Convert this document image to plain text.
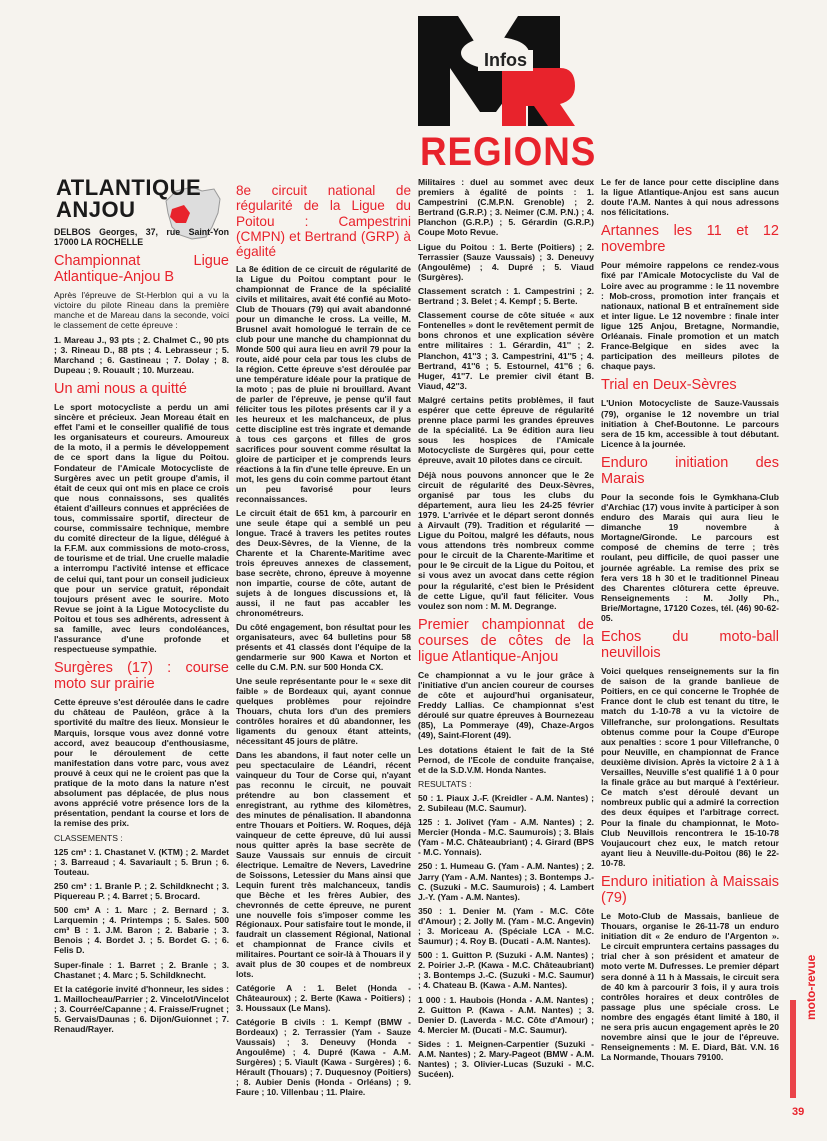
Infos
REGIONS
ATLANTIQUE ANJOU

DELBOS Georges, 37, rue Saint-Yon 17000 LA ROCHELLE

Championnat Ligue Atlantique-Anjou B

Après l'épreuve de St-Herblon qui a vu la victoire du pilote Rineau dans la première manche et de Mareau dans la seconde, voici le classement de cette épreuve :

1. Mareau J., 93 pts ; 2. Chalmet C., 90 pts ; 3. Rineau D., 88 pts ; 4. Lebrasseur ; 5. Marchand ; 6. Gastineau ; 7. Dolay ; 8. Dupeau ; 9. Rouault ; 10. Murzeau.

Un ami nous a quitté

Le sport motocycliste a perdu un ami sincère et précieux. Jean Moreau était en effet l'ami et le conseiller qualifié de tous les organisateurs et coureurs. Amoureux de la moto, il a permis le développement de ce sport dans la ligue du Poitou. Fondateur de l'Amicale Motocycliste de Surgères avec un petit groupe d'amis, il était de ceux qui ont mis en place ce crois que nous connaissons, ses qualités étaient d'ailleurs connues et appréciées de tous, commissaire sportif, directeur de course, commissaire technique, membre du comité directeur de la ligue, délégué à la F.F.M. aux commissions de moto-cross, de tourisme et de trial. Une cruelle maladie a interrompu l'activité intense et efficace de celui qui, tant pour un conseil judicieux que pour un service gratuit, répondait toujours présent avec le sourire. Moto Revue se joint à la Ligue Motocycliste du Poitou et tous ses adhérents, adressent à sa famille, avec leurs condoléances, l'assurance d'une profonde et respectueuse sympathie.

Surgères (17) : course moto sur prairie

Cette épreuve s'est déroulée dans le cadre du château de Pauléon, grâce à la sportivité du maître des lieux. Monsieur le Marquis, lorsque vous avez donné votre accord, avez beaucoup d'enthousiasme, pour le déroulement de cette manifestation dans votre parc, vous avez prouvé à ceux qui ne le croient pas que la pratique de la moto dans la nature n'est absolument pas déplacée, de plus nous avons apprécié votre présence lors de la présentation, pendant la course et lors de la remise des prix.

CLASSEMENTS :

125 cm³ : 1. Chastanet V. (KTM) ; 2. Mardet ; 3. Barreaud ; 4. Savariault ; 5. Brun ; 6. Touteau.

250 cm³ : 1. Branle P. ; 2. Schildknecht ; 3. Piquereau P. ; 4. Barret ; 5. Brocard.

500 cm³ A : 1. Marc ; 2. Bernard ; 3. Larquemin ; 4. Printemps ; 5. Sales. 500 cm³ B : 1. J.M. Baron ; 2. Babarie ; 3. Benois ; 4. Bordet J. ; 5. Bordet G. ; 6. Felis D.

Super-finale : 1. Barret ; 2. Branle ; 3. Chastanet ; 4. Marc ; 5. Schildknecht.

Et la catégorie invité d'honneur, les sides : 1. Maillocheau/Parrier ; 2. Vincelot/Vincelot ; 3. Courrée/Capanne ; 4. Fraisse/Frugnet ; 5. Gervais/Daunas ; 6. Dijon/Guionnet ; 7. Renaud/Rayer.

8e circuit national de régularité de la Ligue du Poitou : Campestrini (CMPN) et Bertrand (GRP) à égalité

La 8e édition de ce circuit de régularité de la Ligue du Poitou comptant pour le championnat de France de la spécialité civils et militaires, avait été confié au Moto-Club de Thouars (79) qui avait abandonné pour un dimanche le cross. La veille, M. Brusnel avait homologué le terrain de ce club pour une manche du championnat du Monde 500 qui aura lieu en avril 79 pour la route, aidé pour cela par tous les clubs de la région. Cette épreuve s'est déroulée par une température idéale pour la pratique de la moto ; pas de pluie ni brouillard. Avant de parler de l'épreuve, je pense qu'il faut féliciter tous les pilotes présents car il y a les heureux et les malchanceux, de plus cette discipline est très ingrate et demande à tous ces garçons et filles de gros sacrifices pour souvent comme résultat la gloire de participer et je comprends leurs réactions à la fin d'une telle épreuve. En un mot, les gens du coin comme partout étant un peu favorisé pour leurs reconnaissances.

Le circuit était de 651 km, à parcourir en une seule étape qui a semblé un peu longue. Tracé à travers les petites routes des Deux-Sèvres, de la Vienne, de la Charente et la Charente-Maritime avec trois épreuves annexes de classement, base secrète, chrono, épreuve à moyenne non impartie, course de côte, autant de sujets à de longues discussions et, là aussi, il ne faut pas accabler les chronométreurs.

Du côté engagement, bon résultat pour les organisateurs, avec 64 bulletins pour 58 présents et 41 classés dont l'équipe de la gendarmerie sur 900 Kawa et Norton et celle du C.M. P.N. sur 500 Honda CX.

Une seule représentante pour le « sexe dit faible » de Bordeaux qui, ayant connue quelques problèmes pour rejoindre Thouars, chuta lors d'un des premiers contrôles horaires et dû abandonner, les ligaments du genoux étant atteints, nécessitant 45 jours de plâtre.

Dans les abandons, il faut noter celle un peu spectaculaire de Léandri, récent vainqueur du Tour de Corse qui, n'ayant pas reconnu le circuit, ne pouvait prétendre au bon classement et enregistrant, au rythme des kilomètres, des minutes de pénalisation. Il abandonna entre Thouars et Poitiers. W. Roques, déjà vainqueur de cette épreuve, dû lui aussi nous quitter après la base secrète de Sauze Vaussais sur ennuis de circuit électrique. Lemaître de Nevers, Lavedrine de Soissons, Letessier du Mans ainsi que Lequin furent très malchanceux, tandis que Bèche et les frères Aubier, des chevronnés de cette épreuve, ne purent une nouvelle fois s'imposer comme les Régionaux. Pour satisfaire tout le monde, il faudrait un classement Régional, National et championnat de France civils et militaires. Pourtant ce soir-là à Thouars il y avait plus de 30 coupes et de nombreux lots.

Catégorie A : 1. Belet (Honda - Châteauroux) ; 2. Berte (Kawa - Poitiers) ; 3. Houssaux (Le Mans).

Catégorie B civils : 1. Kempf (BMW - Bordeaux) ; 2. Terrassier (Yam - Sauze Vaussais) ; 3. Deneuvy (Honda - Angoulême) ; 4. Dupré (Kawa - A.M. Surgères) ; 5. Viault (Kawa - Surgères) ; 6. Hérault (Thouars) ; 7. Duquesnoy (Poitiers) ; 8. Aubier Denis (Honda - Orléans) ; 9. Faure ; 10. Villenbau ; 11. Plaire.

Militaires : duel au sommet avec deux premiers à égalité de points : 1. Campestrini (C.M.P.N. Grenoble) ; 2. Bertrand (G.R.P.) ; 3. Neimer (C.M. P.N.) ; 4. Planchon (G.R.P.) ; 5. Gérardin (G.R.P.) Coupe Moto Revue.

Ligue du Poitou : 1. Berte (Poitiers) ; 2. Terrassier (Sauze Vaussais) ; 3. Deneuvy (Angoulême) ; 4. Dupré ; 5. Viaud (Surgères).

Classement scratch : 1. Campestrini ; 2. Bertrand ; 3. Belet ; 4. Kempf ; 5. Berte.

Classement course de côte située « aux Fontenelles » dont le revêtement permit de bons chronos et une explication sévère entre militaires : 1. Gérardin, 41'' ; 2. Planchon, 41''3 ; 3. Campestrini, 41''5 ; 4. Bertrand, 41''6 ; 5. Estournel, 41''6 ; 6. Huger, 41''7. Le premier civil étant B. Viaud, 42''3.

Malgré certains petits problèmes, il faut espérer que cette épreuve de régularité prenne place parmi les grandes épreuves de la spécialité. La 9e édition aura lieu sous les hospices de l'Amicale Motocycliste de Surgères qui, pour cette épreuve, avait 10 pilotes dans ce circuit.

Déjà nous pouvons annoncer que le 2e circuit de régularité des Deux-Sèvres, organisé par tous les clubs du département, aura lieu les 24-25 février 1979. L'arrivée et le départ seront donnés à Airvault (79). Tradition et régularité — Ligue du Poitou, malgré les défauts, nous vous attendons très nombreux comme pour le circuit de la Charente-Maritime et pour le 9e circuit de la Ligue du Poitou, et si vous avez un avocat dans cette région pour la régularité, c'est bien le Président de cette Ligue, qu'il faut féliciter. Vous voulez son nom : M. M. Degrange.

Premier championnat de courses de côtes de la ligue Atlantique-Anjou

Ce championnat a vu le jour grâce à l'initiative d'un ancien coureur de courses de côte et aujourd'hui organisateur, Freddy Lallias. Ce championnat s'est déroulé sur quatre épreuves à Bournezeau (85), La Pommeraye (49), Chaze-Argos (49), Saint-Florent (49).

Les dotations étaient le fait de la Sté Pernod, de l'Ecole de conduite française, et de la S.D.V.M. Honda Nantes.

RESULTATS :

50 : 1. Piaux J.-F. (Kreidler - A.M. Nantes) ; 2. Subileau (M.C. Saumur).

125 : 1. Jolivet (Yam - A.M. Nantes) ; 2. Mercier (Honda - M.C. Saumurois) ; 3. Blais (Yam - M.C. Châteaubriant) ; 4. Girard (BPS - M.C. Yonnais).

250 : 1. Humeau G. (Yam - A.M. Nantes) ; 2. Jarry (Yam - A.M. Nantes) ; 3. Bontemps J.-C. (Suzuki - M.C. Saumurois) ; 4. Lambert J.-Y. (Yam - A.M. Nantes).

350 : 1. Denier M. (Yam - M.C. Côte d'Amour) ; 2. Jolly M. (Yam - M.C. Angevin) ; 3. Moriceau A. (Spéciale LCA - M.C. Saumur) ; 4. Roy B. (Ducati - A.M. Nantes).

500 : 1. Guitton P. (Suzuki - A.M. Nantes) ; 2. Poirier J.-P. (Kawa - M.C. Châteaubriant) ; 3. Bontemps J.-C. (Suzuki - M.C. Saumur) ; 4. Chateau B. (Kawa - A.M. Nantes).

1 000 : 1. Haubois (Honda - A.M. Nantes) ; 2. Guitton P. (Kawa - A.M. Nantes) ; 3. Denier D. (Laverda - M.C. Côte d'Amour) ; 4. Mercier M. (Ducati - M.C. Saumur).

Sides : 1. Meignen-Carpentier (Suzuki - A.M. Nantes) ; 2. Mary-Pageot (BMW - A.M. Nantes) ; 3. Olivier-Lucas (Suzuki - M.C. Sucéen).

Le fer de lance pour cette discipline dans la ligue Atlantique-Anjou est sans aucun doute l'A.M. Nantes à qui nous adressons nos félicitations.

Artannes les 11 et 12 novembre

Pour mémoire rappelons ce rendez-vous fixé par l'Amicale Motocycliste du Val de Loire avec au programme : le 11 novembre : Mob-cross, promotion inter français et nationaux, national B et entraînement side et inter ligue. Le 12 novembre : finale inter ligue 125 Anjou, Bretagne, Normandie, Orléanais. Finale promotion et un match France-Belgique en sides avec la participation des meilleurs pilotes de chaque pays.

Trial en Deux-Sèvres

L'Union Motocycliste de Sauze-Vaussais (79), organise le 12 novembre un trial initiation à Chef-Boutonne. Le parcours sera de 15 km, accessible à tout débutant. Licence à la journée.

Enduro initiation des Marais

Pour la seconde fois le Gymkhana-Club d'Archiac (17) vous invite à participer à son enduro des Marais qui aura lieu le dimanche 19 novembre à Mortagne/Gironde. Le parcours est composé de chemins de terre ; très roulant, peu difficile, de quoi passer une journée agréable. La remise des prix se fera vers 18 h 30 et le traditionnel Pineau des Charentes clôturera cette épreuve. Renseignements : M. Jolly Ph., Brie/Mortagne, 17120 Cozes, tél. (46) 90-62-05.

Echos du moto-ball neuvillois

Voici quelques renseignements sur la fin de saison de la grande banlieue de Poitiers, en ce qui concerne le Trophée de France dont le club est tenant du titre, le match du 1-10-78 a vu la victoire de Villefranche, sur prolongations. Resultats obtenus comme pour la Coupe d'Europe aux penalties : score 1 pour Villefranche, 0 pour Neuville, en championnat de France deuxième division. Après la victoire 2 à 1 à Versailles, Neuville s'est qualifié 1 à 0 pour la finale grâce au but marqué à l'extérieur. Ce match s'est déroulé devant un nombreux public qui a admiré la correction des deux équipes et l'arbitrage correct. Pour la finale du championnat, le Moto-Club Neuvillois rencontrera le 15-10-78 Voujaucourt chez eux, le match retour ayant lieu à Neuville-du-Poitou (86) le 22-10-78.

Enduro initiation à Maissais (79)

Le Moto-Club de Massais, banlieue de Thouars, organise le 26-11-78 un enduro initiation dit « 2e enduro de l'Argenton ». Le circuit empruntera certains passages du trial cher à son président et amateur de moto verte M. Dufresses. Le premier départ sera donné à 11 h à Massais, le circuit sera de 40 km à parcourir 3 fois, il y aura trois contrôles horaires et deux contrôles de passage plus une spéciale cross. Le nombre des engagés étant limité à 180, il ne sera pris aucun engagement après le 20 novembre ainsi que le jour de l'épreuve. Renseignements : M. E. Diard, Bât. V.N. 16 La Normande, Thouars 79100.

moto-revue
39
